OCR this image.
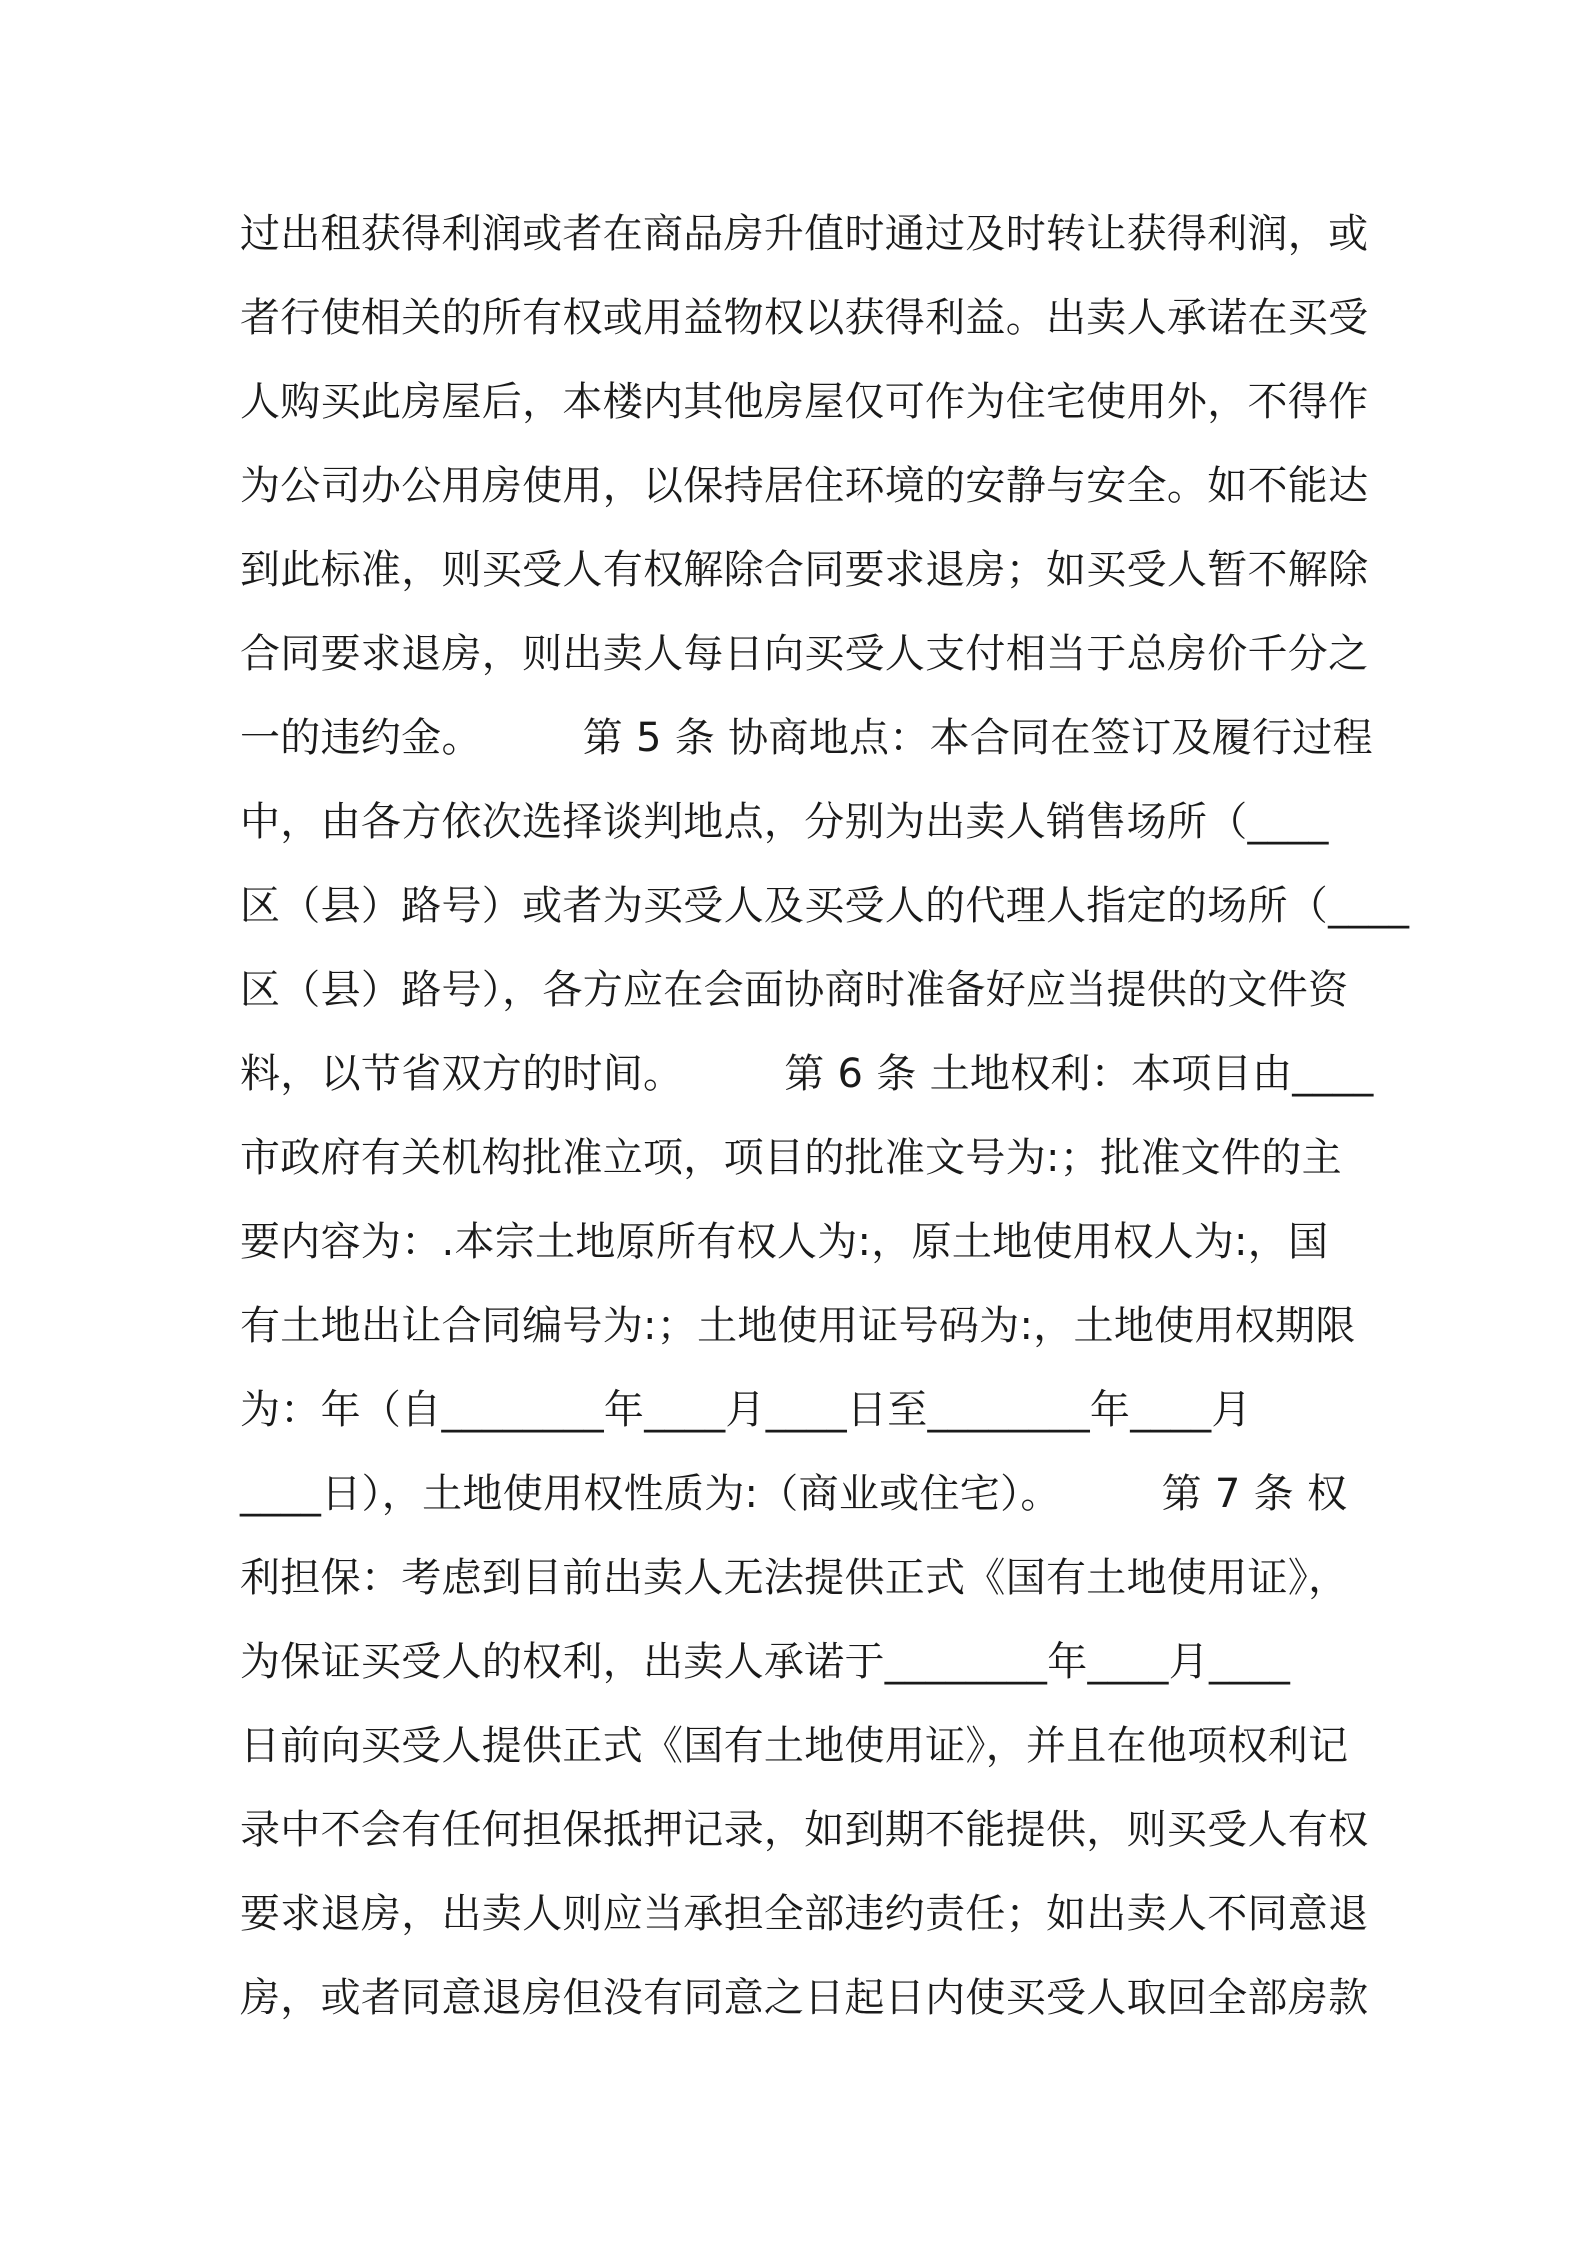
过出租获得利润或者在商品房升值时通过及时转让获得利润，或
者行使相关的所有权或用益物权以获得利益。出卖人承诺在买受
人购买此房屋后，本楼内其他房屋仅可作为住宅使用外，不得作
为公司办公用房使用，以保持居住环境的安静与安全。如不能达
到此标准，则买受人有权解除合同要求退房；如买受人暂不解除
合同要求退房，则出卖人每日向买受人支付相当于总房价千分之
一的违约金。　　　第 5 条 协商地点：本合同在签订及履行过程
中，由各方依次选择谈判地点，分别为出卖人销售场所（____
区（县）路号）或者为买受人及买受人的代理人指定的场所（____
区（县）路号），各方应在会面协商时准备好应当提供的文件资
料，以节省双方的时间。　　　第 6 条 土地权利：本项目由____
市政府有关机构批准立项，项目的批准文号为:；批准文件的主
要内容为：.本宗土地原所有权人为:，原土地使用权人为:，国
有土地出让合同编号为:；土地使用证号码为:，土地使用权期限
为：年（自________年____月____日至________年____月
____日），土地使用权性质为:（商业或住宅）。　　　第 7 条 权
利担保：考虑到目前出卖人无法提供正式《国有土地使用证》，
为保证买受人的权利，出卖人承诺于________年____月____
日前向买受人提供正式《国有土地使用证》，并且在他项权利记
录中不会有任何担保抵押记录，如到期不能提供，则买受人有权
要求退房，出卖人则应当承担全部违约责任；如出卖人不同意退
房，或者同意退房但没有同意之日起日内使买受人取回全部房款
